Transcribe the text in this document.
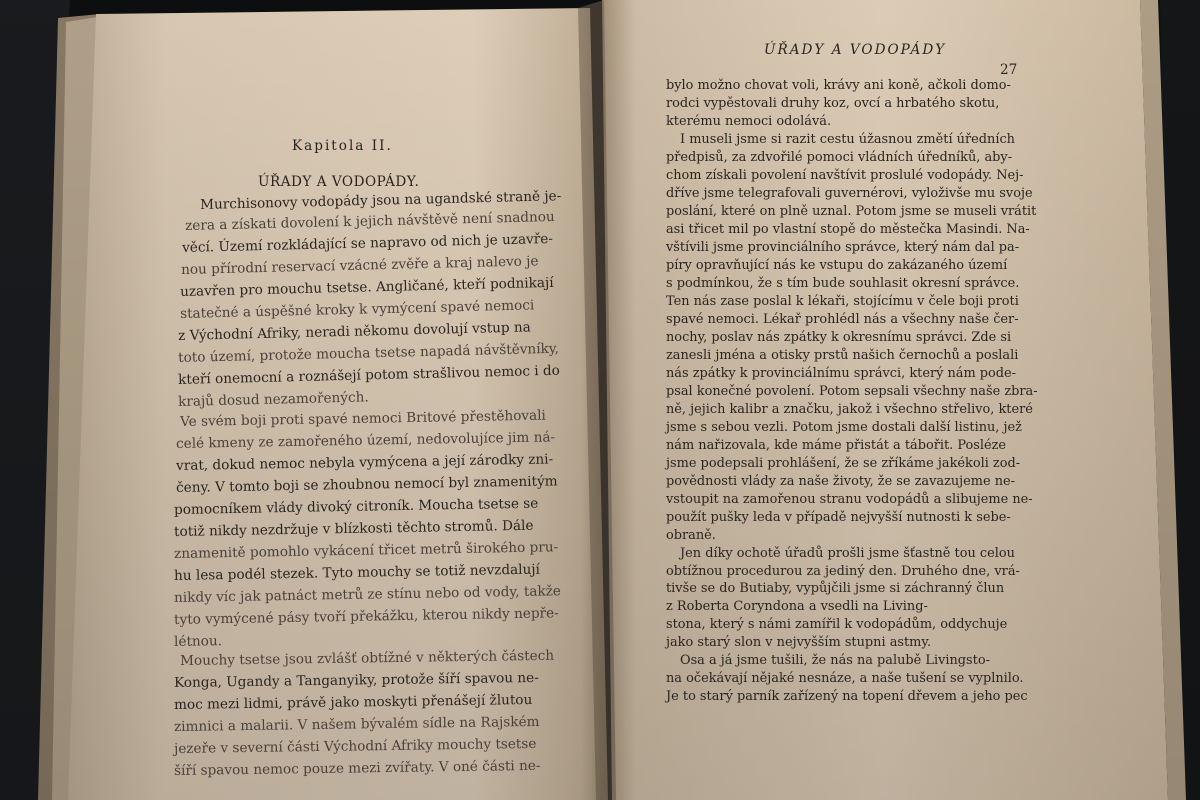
Kapitola II.
ÚŘADY A VODOPÁDY.
Murchisonovy vodopády jsou na ugandské straně je-
zera a získati dovolení k jejich návštěvě není snadnou
věcí. Území rozkládající se napravo od nich je uzavře-
nou přírodní reservací vzácné zvěře a kraj nalevo je
uzavřen pro mouchu tsetse. Angličané, kteří podnikají
statečné a úspěšné kroky k vymýcení spavé nemoci
z Východní Afriky, neradi někomu dovolují vstup na
toto území, protože moucha tsetse napadá návštěvníky,
kteří onemocní a roznášejí potom strašlivou nemoc i do
krajů dosud nezamořených.
Ve svém boji proti spavé nemoci Britové přestěhovali
celé kmeny ze zamořeného území, nedovolujíce jim ná-
vrat, dokud nemoc nebyla vymýcena a její zárodky zni-
čeny. V tomto boji se zhoubnou nemocí byl znamenitým
pomocníkem vlády divoký citroník. Moucha tsetse se
totiž nikdy nezdržuje v blízkosti těchto stromů. Dále
znamenitě pomohlo vykácení třicet metrů širokého pru-
hu lesa podél stezek. Tyto mouchy se totiž nevzdalují
nikdy víc jak patnáct metrů ze stínu nebo od vody, takže
tyto vymýcené pásy tvoří překážku, kterou nikdy nepře-
létnou.
Mouchy tsetse jsou zvlášť obtížné v některých částech
Konga, Ugandy a Tanganyiky, protože šíří spavou ne-
moc mezi lidmi, právě jako moskyti přenášejí žlutou
zimnici a malarii. V našem bývalém sídle na Rajském
jezeře v severní části Východní Afriky mouchy tsetse
šíří spavou nemoc pouze mezi zvířaty. V oné části ne-
ÚŘADY A VODOPÁDY
27
bylo možno chovat voli, krávy ani koně, ačkoli domo-
rodci vypěstovali druhy koz, ovcí a hrbatého skotu,
kterému nemoci odolává.
I museli jsme si razit cestu úžasnou změtí úředních
předpisů, za zdvořilé pomoci vládních úředníků, aby-
chom získali povolení navštívit proslulé vodopády. Nej-
dříve jsme telegrafovali guvernérovi, vyloživše mu svoje
poslání, které on plně uznal. Potom jsme se museli vrátit
asi třicet mil po vlastní stopě do městečka Masindi. Na-
vštívili jsme provinciálního správce, který nám dal pa-
píry opravňující nás ke vstupu do zakázaného území
s podmínkou, že s tím bude souhlasit okresní správce.
Ten nás zase poslal k lékaři, stojícímu v čele boji proti
spavé nemoci. Lékař prohlédl nás a všechny naše čer-
nochy, poslav nás zpátky k okresnímu správci. Zde si
zanesli jména a otisky prstů našich černochů a poslali
nás zpátky k provinciálnímu správci, který nám pode-
psal konečné povolení. Potom sepsali všechny naše zbra-
ně, jejich kalibr a značku, jakož i všechno střelivo, které
jsme s sebou vezli. Potom jsme dostali další listinu, jež
nám nařizovala, kde máme přistát a tábořit. Posléze
jsme podepsali prohlášení, že se zříkáme jakékoli zod-
povědnosti vlády za naše životy, že se zavazujeme ne-
vstoupit na zamořenou stranu vodopádů a slibujeme ne-
použít pušky leda v případě nejvyšší nutnosti k sebe-
obraně.
Jen díky ochotě úřadů prošli jsme šťastně tou celou
obtížnou procedurou za jediný den. Druhého dne, vrá-
tivše se do Butiaby, vypůjčili jsme si záchranný člun
z Roberta Coryndona a vsedli na Living-
stona, který s námi zamířil k vodopádům, oddychuje
jako starý slon v nejvyšším stupni astmy.
Osa a já jsme tušili, že nás na palubě Livingsto-
na očekávají nějaké nesnáze, a naše tušení se vyplnilo.
Je to starý parník zařízený na topení dřevem a jeho pec
